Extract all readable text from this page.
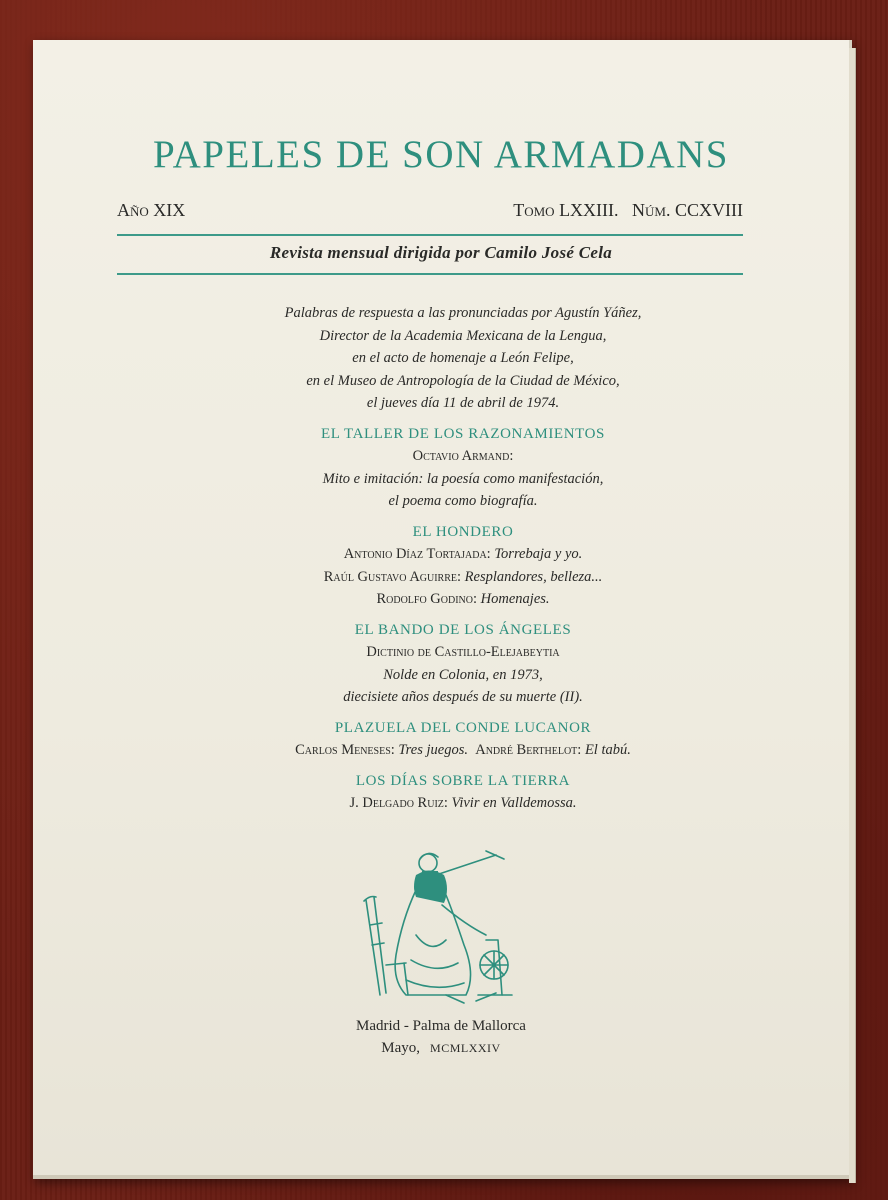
PAPELES DE SON ARMADANS
Año XIX	Tomo LXXIII. Núm. CCXVIII
Revista mensual dirigida por Camilo José Cela
Palabras de respuesta a las pronunciadas por Agustín Yáñez,
Director de la Academia Mexicana de la Lengua,
en el acto de homenaje a León Felipe,
en el Museo de Antropología de la Ciudad de México,
el jueves día 11 de abril de 1974.
EL TALLER DE LOS RAZONAMIENTOS
Octavio Armand:
Mito e imitación: la poesía como manifestación,
el poema como biografía.
EL HONDERO
Antonio Díaz Tortajada: Torrebaja y yo.
Raúl Gustavo Aguirre: Resplandores, belleza...
Rodolfo Godino: Homenajes.
EL BANDO DE LOS ÁNGELES
Dictinio de Castillo-Elejabeytia
Nolde en Colonia, en 1973,
diecisiete años después de su muerte (II).
PLAZUELA DEL CONDE LUCANOR
Carlos Meneses: Tres juegos. André Berthelot: El tabú.
LOS DÍAS SOBRE LA TIERRA
J. Delgado Ruiz: Vivir en Valldemossa.
Madrid - Palma de Mallorca
Mayo, MCMLXXIV
